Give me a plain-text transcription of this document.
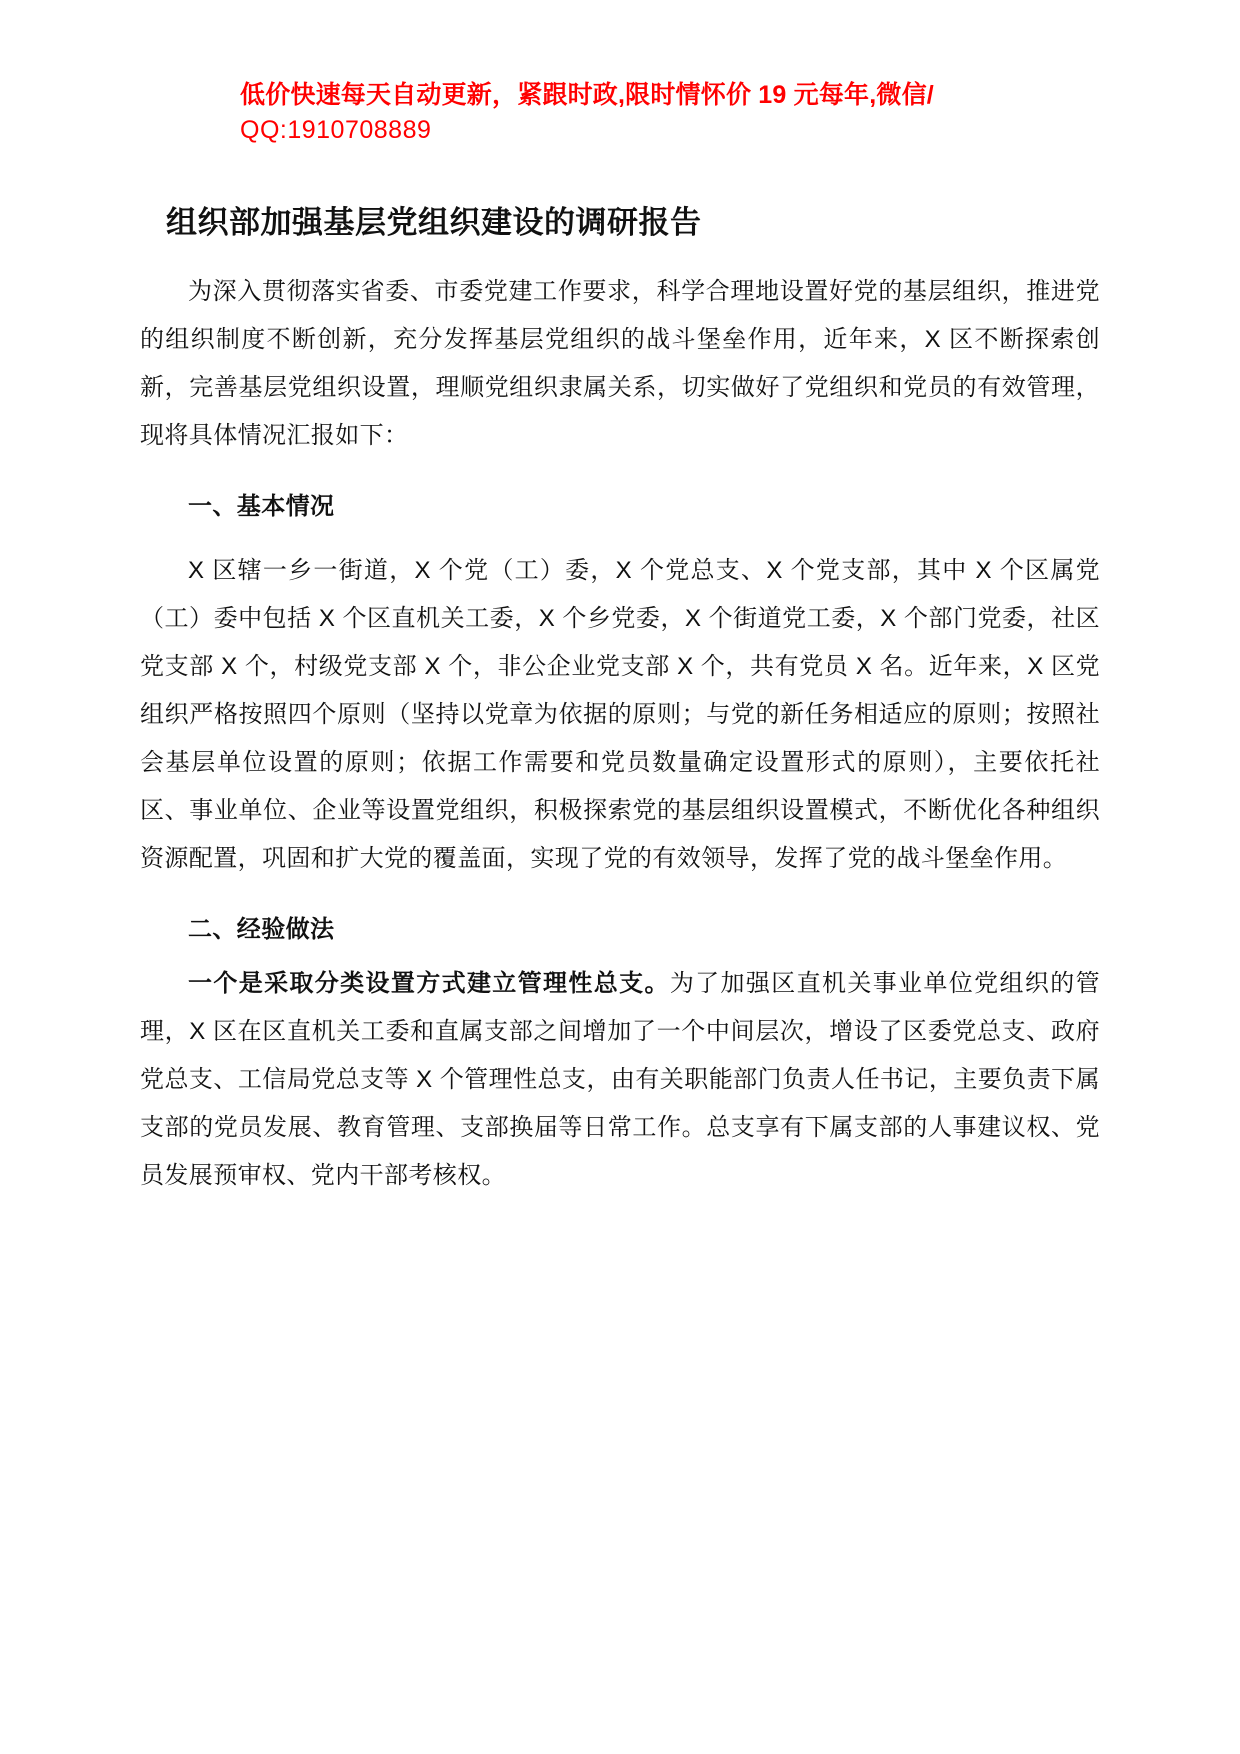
低价快速每天自动更新，紧跟时政,限时情怀价 19 元每年,微信/
QQ:1910708889
组织部加强基层党组织建设的调研报告

为深入贯彻落实省委、市委党建工作要求，科学合理地设置好党的基层组织，推进党的组织制度不断创新，充分发挥基层党组织的战斗堡垒作用，近年来，X 区不断探索创新，完善基层党组织设置，理顺党组织隶属关系，切实做好了党组织和党员的有效管理，现将具体情况汇报如下：

一、基本情况

X 区辖一乡一街道，X 个党（工）委，X 个党总支、X 个党支部，其中 X 个区属党（工）委中包括 X 个区直机关工委，X 个乡党委，X 个街道党工委，X 个部门党委，社区党支部 X 个，村级党支部 X 个，非公企业党支部 X 个，共有党员 X 名。近年来，X 区党组织严格按照四个原则（坚持以党章为依据的原则；与党的新任务相适应的原则；按照社会基层单位设置的原则；依据工作需要和党员数量确定设置形式的原则），主要依托社区、事业单位、企业等设置党组织，积极探索党的基层组织设置模式，不断优化各种组织资源配置，巩固和扩大党的覆盖面，实现了党的有效领导，发挥了党的战斗堡垒作用。

二、经验做法

一个是采取分类设置方式建立管理性总支。为了加强区直机关事业单位党组织的管理，X 区在区直机关工委和直属支部之间增加了一个中间层次，增设了区委党总支、政府党总支、工信局党总支等 X 个管理性总支，由有关职能部门负责人任书记，主要负责下属支部的党员发展、教育管理、支部换届等日常工作。总支享有下属支部的人事建议权、党员发展预审权、党内干部考核权。
